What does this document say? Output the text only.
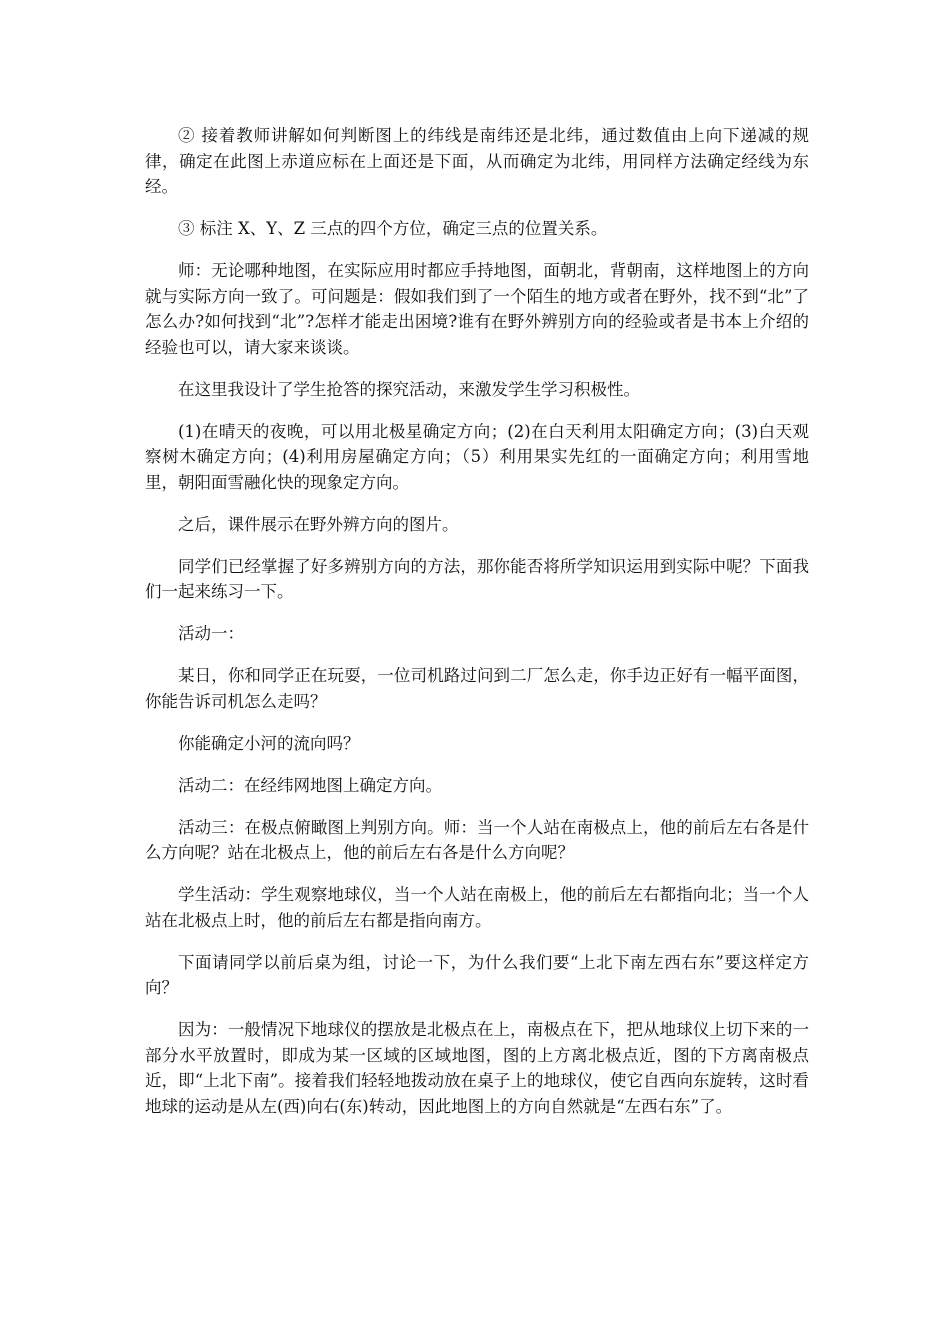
② 接着教师讲解如何判断图上的纬线是南纬还是北纬，通过数值由上向下递减的规律，确定在此图上赤道应标在上面还是下面，从而确定为北纬，用同样方法确定经线为东经。

③ 标注 X、Y、Z 三点的四个方位，确定三点的位置关系。

师：无论哪种地图，在实际应用时都应手持地图，面朝北，背朝南，这样地图上的方向就与实际方向一致了。可问题是：假如我们到了一个陌生的地方或者在野外，找不到“北”了怎么办?如何找到“北”?怎样才能走出困境?谁有在野外辨别方向的经验或者是书本上介绍的经验也可以，请大家来谈谈。

在这里我设计了学生抢答的探究活动，来激发学生学习积极性。

(1)在晴天的夜晚，可以用北极星确定方向；(2)在白天利用太阳确定方向；(3)白天观察树木确定方向；(4)利用房屋确定方向；（5）利用果实先红的一面确定方向；利用雪地里，朝阳面雪融化快的现象定方向。

之后，课件展示在野外辨方向的图片。

同学们已经掌握了好多辨别方向的方法，那你能否将所学知识运用到实际中呢？下面我们一起来练习一下。

活动一：

某日，你和同学正在玩耍，一位司机路过问到二厂怎么走，你手边正好有一幅平面图，你能告诉司机怎么走吗？

你能确定小河的流向吗？

活动二：在经纬网地图上确定方向。

活动三：在极点俯瞰图上判别方向。师：当一个人站在南极点上，他的前后左右各是什么方向呢？站在北极点上，他的前后左右各是什么方向呢？

学生活动：学生观察地球仪，当一个人站在南极上，他的前后左右都指向北；当一个人站在北极点上时，他的前后左右都是指向南方。

下面请同学以前后桌为组，讨论一下，为什么我们要“上北下南左西右东”要这样定方向？

因为：一般情况下地球仪的摆放是北极点在上，南极点在下，把从地球仪上切下来的一部分水平放置时，即成为某一区域的区域地图，图的上方离北极点近，图的下方离南极点近，即“上北下南”。接着我们轻轻地拨动放在桌子上的地球仪，使它自西向东旋转，这时看地球的运动是从左(西)向右(东)转动，因此地图上的方向自然就是“左西右东”了。
